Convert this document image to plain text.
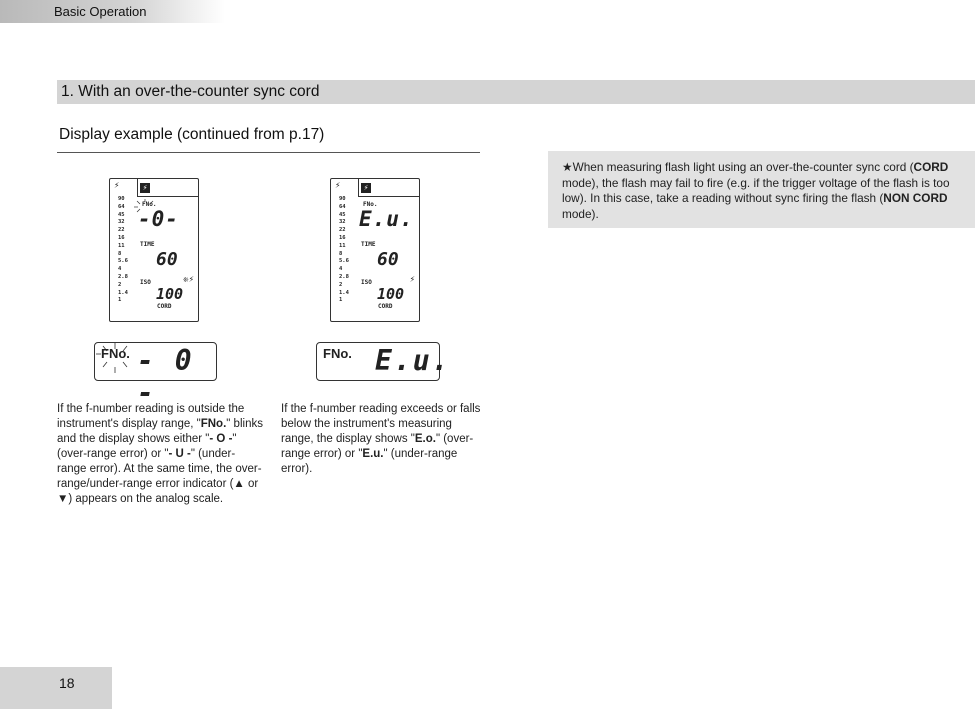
Basic Operation
1. With an over-the-counter sync cord
Display example (continued from p.17)
⚡	⚡
90
64
45
32
22
16
11
8
5.6
4
2.8
2
1.4
1
FNo.
-0-
TIME
60
ISO	❊⚡
100
CORD
⚡	⚡
90
64
45
32
22
16
11
8
5.6
4
2.8
2
1.4
1
FNo.
E.u.
TIME
60
ISO	⚡
100
CORD
FNo. - 0 -
FNo. E.u.
If the f-number reading is outside the instrument's display range, "FNo." blinks and the display shows either "- O -" (over-range error) or "- U -" (under-range error). At the same time, the over-range/under-range error indicator (▲ or ▼) appears on the analog scale.
If the f-number reading exceeds or falls below the instrument's measuring range, the display shows "E.o." (over-range error) or "E.u." (under-range error).

★When measuring flash light using an over-the-counter sync cord (CORD mode), the flash may fail to fire (e.g. if the trigger voltage of the flash is too low). In this case, take a reading without sync firing the flash (NON CORD mode).

18
